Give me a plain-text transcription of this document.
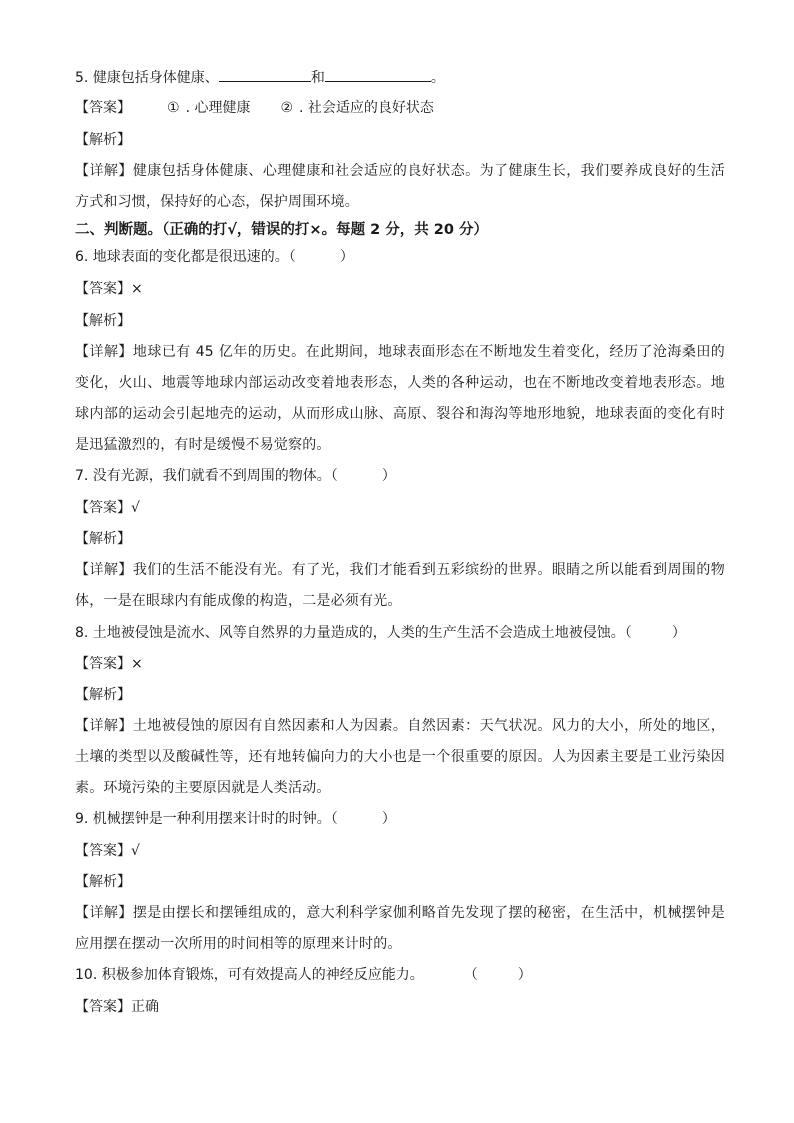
5. 健康包括身体健康、	和	。
【答案】	① . 心理健康 ② . 社会适应的良好状态
【解析】
【详解】健康包括身体健康、心理健康和社会适应的良好状态。为了健康生长，我们要养成良好的生活方式和习惯，保持好的心态，保护周围环境。
二、判断题。（正确的打√，错误的打×。每题 2 分，共 20 分）
6. 地球表面的变化都是很迅速的。（	）
【答案】×
【解析】
【详解】地球已有 45 亿年的历史。在此期间，地球表面形态在不断地发生着变化，经历了沧海桑田的变化，火山、地震等地球内部运动改变着地表形态，人类的各种运动，也在不断地改变着地表形态。地球内部的运动会引起地壳的运动，从而形成山脉、高原、裂谷和海沟等地形地貌，地球表面的变化有时是迅猛激烈的，有时是缓慢不易觉察的。
7. 没有光源，我们就看不到周围的物体。（	）
【答案】√
【解析】
【详解】我们的生活不能没有光。有了光，我们才能看到五彩缤纷的世界。眼睛之所以能看到周围的物体，一是在眼球内有能成像的构造，二是必须有光。
8. 土地被侵蚀是流水、风等自然界的力量造成的，人类的生产生活不会造成土地被侵蚀。（	）
【答案】×
【解析】
【详解】土地被侵蚀的原因有自然因素和人为因素。自然因素：天气状况。风力的大小，所处的地区，土壤的类型以及酸碱性等，还有地转偏向力的大小也是一个很重要的原因。人为因素主要是工业污染因素。环境污染的主要原因就是人类活动。
9. 机械摆钟是一种利用摆来计时的时钟。（	）
【答案】√
【解析】
【详解】摆是由摆长和摆锤组成的，意大利科学家伽利略首先发现了摆的秘密，在生活中，机械摆钟是应用摆在摆动一次所用的时间相等的原理来计时的。
10. 积极参加体育锻炼，可有效提高人的神经反应能力。	（	）
【答案】正确
